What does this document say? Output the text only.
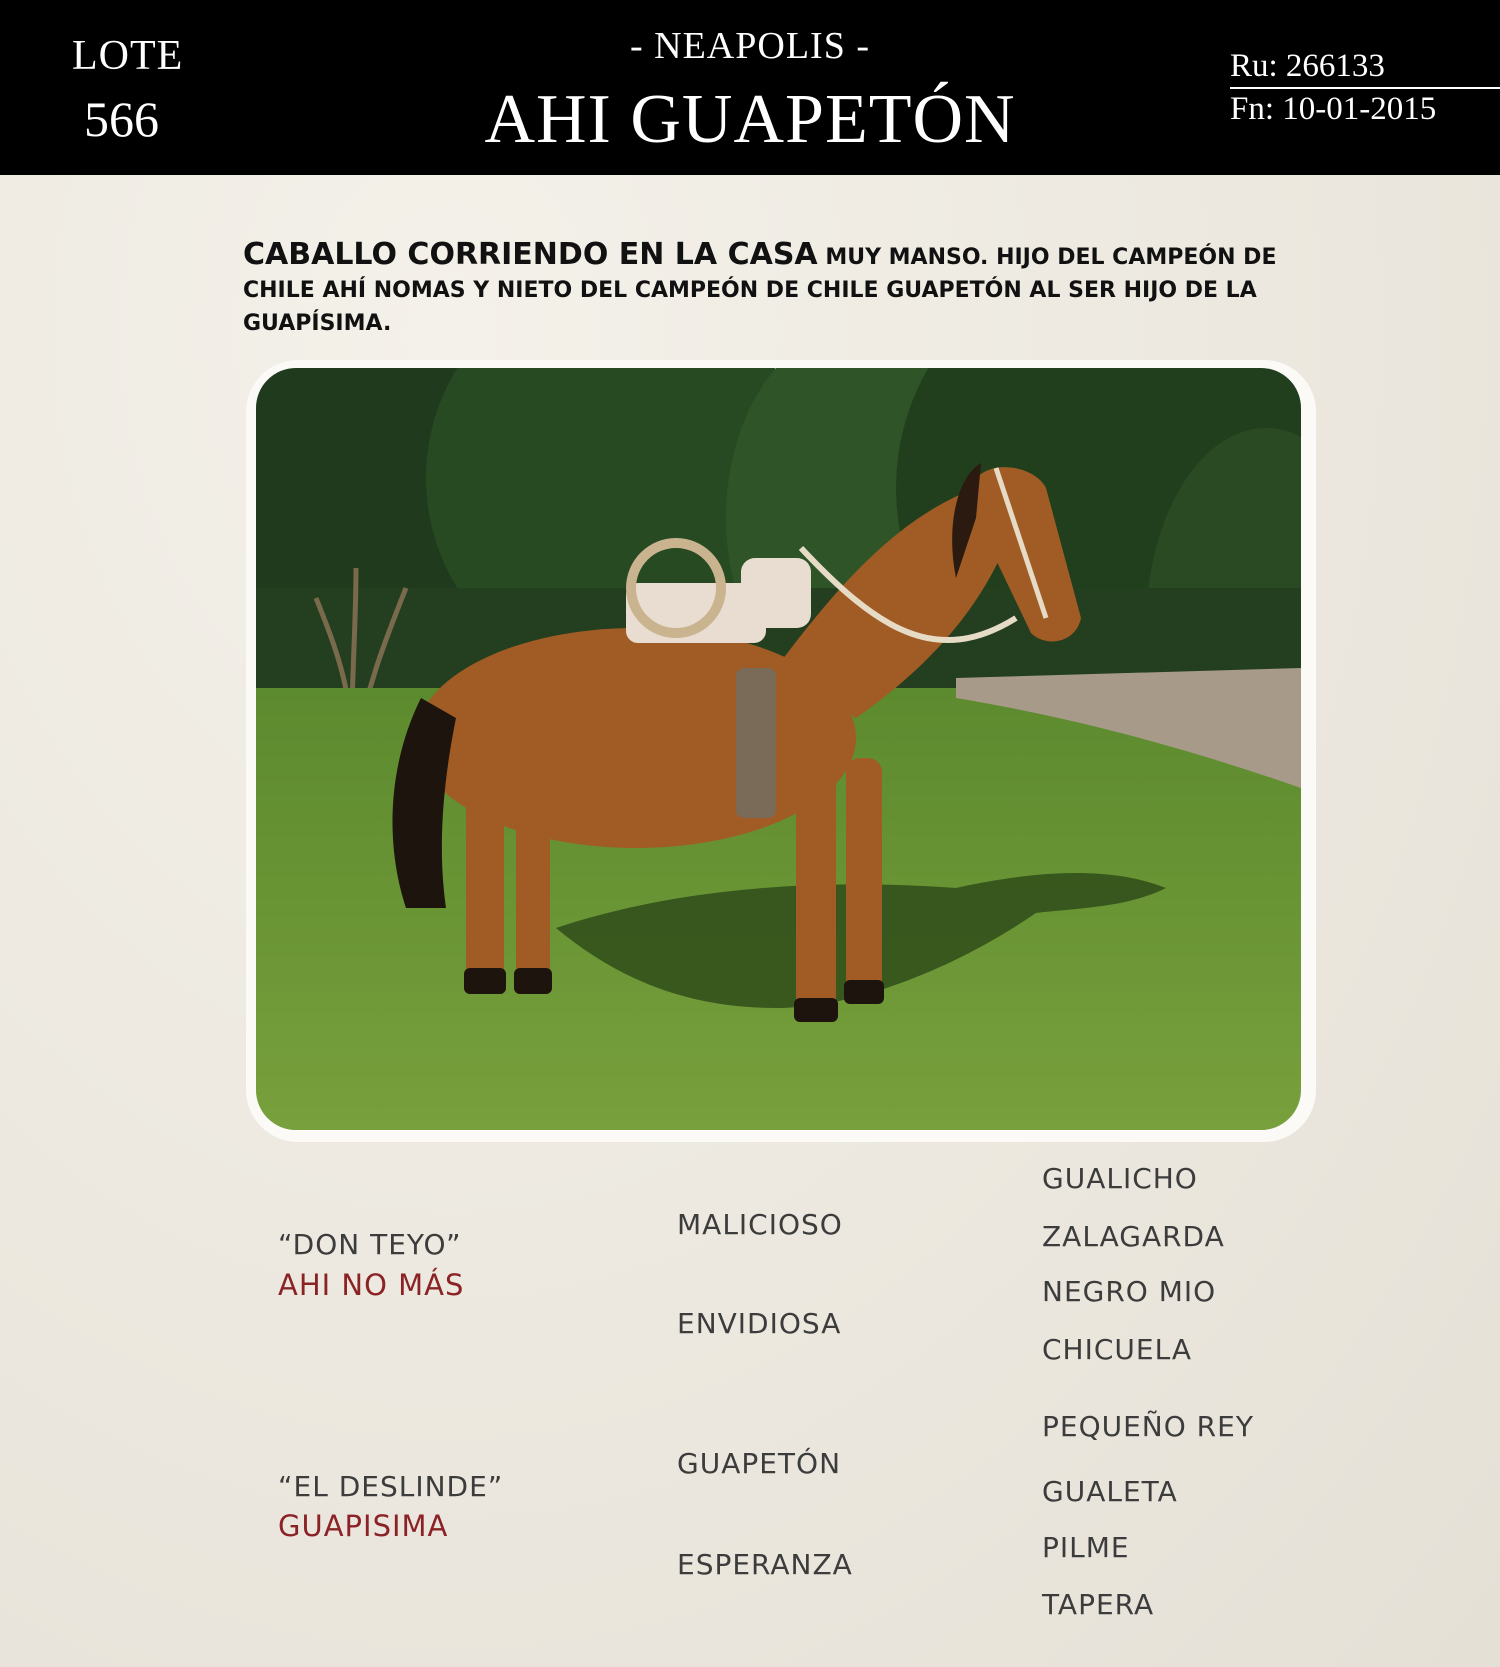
LOTE
566
- NEAPOLIS -
AHI GUAPETÓN
Ru: 266133
Fn: 10-01-2015
CABALLO CORRIENDO EN LA CASA MUY MANSO. HIJO DEL CAMPEÓN DE CHILE AHÍ NOMAS Y NIETO DEL CAMPEÓN DE CHILE GUAPETÓN AL SER HIJO DE LA GUAPÍSIMA.
“DON TEYO”
AHI NO MÁS
MALICIOSO
ENVIDIOSA
GUALICHO
ZALAGARDA
NEGRO MIO
CHICUELA
“EL DESLINDE”
GUAPISIMA
GUAPETÓN
ESPERANZA
PEQUEÑO REY
GUALETA
PILME
TAPERA
